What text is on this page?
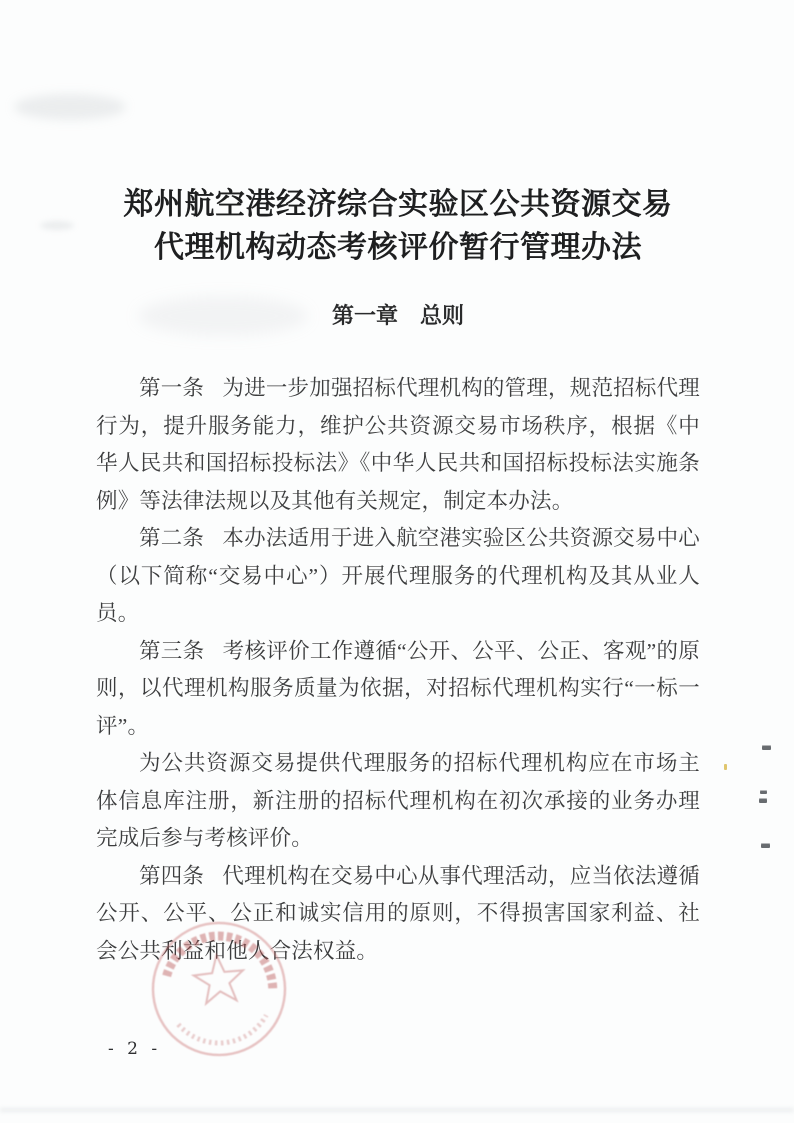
郑州航空港经济综合实验区公共资源交易
代理机构动态考核评价暂行管理办法
第一章　总则

第一条 为进一步加强招标代理机构的管理，规范招标代理行为，提升服务能力，维护公共资源交易市场秩序，根据《中华人民共和国招标投标法》《中华人民共和国招标投标法实施条例》等法律法规以及其他有关规定，制定本办法。

第二条 本办法适用于进入航空港实验区公共资源交易中心（以下简称“交易中心”）开展代理服务的代理机构及其从业人员。

第三条 考核评价工作遵循“公开、公平、公正、客观”的原则，以代理机构服务质量为依据，对招标代理机构实行“一标一评”。

为公共资源交易提供代理服务的招标代理机构应在市场主体信息库注册，新注册的招标代理机构在初次承接的业务办理完成后参与考核评价。

第四条 代理机构在交易中心从事代理活动，应当依法遵循公开、公平、公正和诚实信用的原则，不得损害国家利益、社会公共利益和他人合法权益。

- 2 -
